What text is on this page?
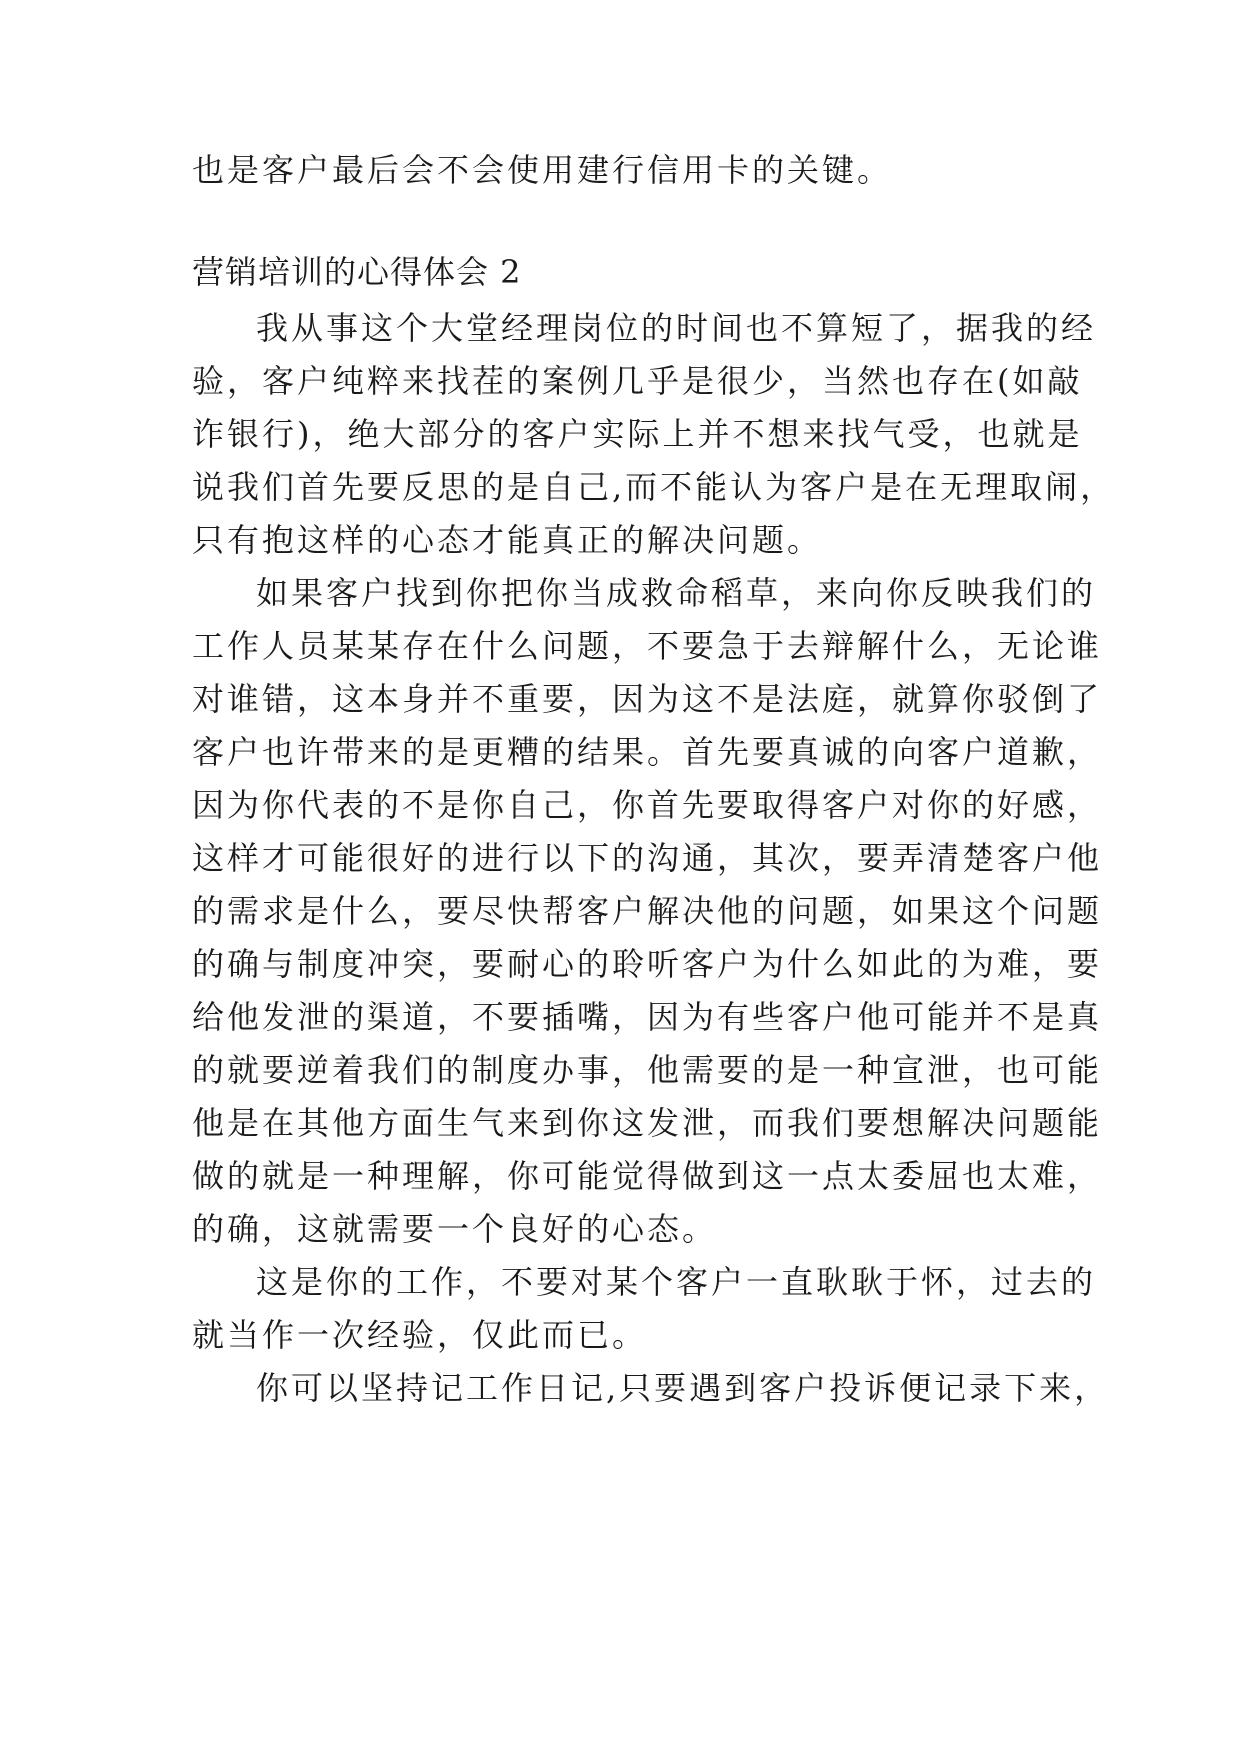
也是客户最后会不会使用建行信用卡的关键。
营销培训的心得体会 2
我从事这个大堂经理岗位的时间也不算短了，据我的经
验，客户纯粹来找茬的案例几乎是很少，当然也存在(如敲
诈银行)，绝大部分的客户实际上并不想来找气受，也就是
说我们首先要反思的是自己,而不能认为客户是在无理取闹，
只有抱这样的心态才能真正的解决问题。
如果客户找到你把你当成救命稻草，来向你反映我们的
工作人员某某存在什么问题，不要急于去辩解什么，无论谁
对谁错，这本身并不重要，因为这不是法庭，就算你驳倒了
客户也许带来的是更糟的结果。首先要真诚的向客户道歉，
因为你代表的不是你自己，你首先要取得客户对你的好感，
这样才可能很好的进行以下的沟通，其次，要弄清楚客户他
的需求是什么，要尽快帮客户解决他的问题，如果这个问题
的确与制度冲突，要耐心的聆听客户为什么如此的为难，要
给他发泄的渠道，不要插嘴，因为有些客户他可能并不是真
的就要逆着我们的制度办事，他需要的是一种宣泄，也可能
他是在其他方面生气来到你这发泄，而我们要想解决问题能
做的就是一种理解，你可能觉得做到这一点太委屈也太难，
的确，这就需要一个良好的心态。
这是你的工作，不要对某个客户一直耿耿于怀，过去的
就当作一次经验，仅此而已。
你可以坚持记工作日记,只要遇到客户投诉便记录下来，
